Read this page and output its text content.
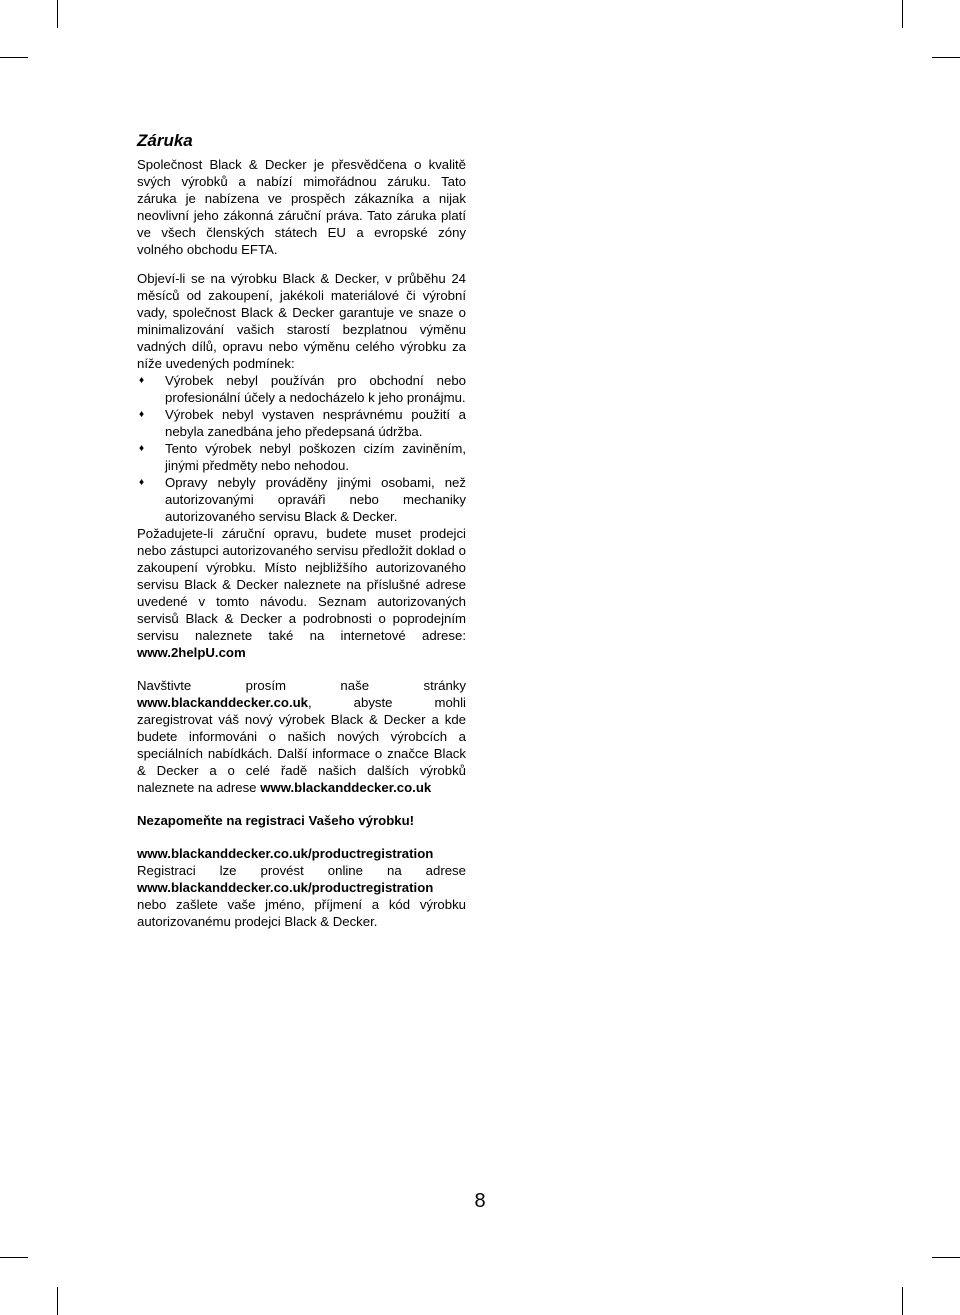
Záruka

Společnost Black & Decker je přesvědčena o kvalitě svých výrobků a nabízí mimořádnou záruku. Tato záruka je nabízena ve prospěch zákazníka a nijak neovlivní jeho zákonná záruční práva. Tato záruka platí ve všech členských státech EU a evropské zóny volného obchodu EFTA.

Objeví-li se na výrobku Black & Decker, v průběhu 24 měsíců od zakoupení, jakékoli materiálové či výrobní vady, společnost Black & Decker garantuje ve snaze o minimalizování vašich starostí bezplatnou výměnu vadných dílů, opravu nebo výměnu celého výrobku za níže uvedených podmínek:

♦ Výrobek nebyl používán pro obchodní nebo profesionální účely a nedocházelo k jeho pronájmu.
♦ Výrobek nebyl vystaven nesprávnému použití a nebyla zanedbána jeho předepsaná údržba.
♦ Tento výrobek nebyl poškozen cizím zaviněním, jinými předměty nebo nehodou.
♦ Opravy nebyly prováděny jinými osobami, než autorizovanými opraváři nebo mechaniky autorizovaného servisu Black & Decker.

Požadujete-li záruční opravu, budete muset prodejci nebo zástupci autorizovaného servisu předložit doklad o zakoupení výrobku. Místo nejbližšího autorizovaného servisu Black & Decker naleznete na příslušné adrese uvedené v tomto návodu. Seznam autorizovaných servisů Black & Decker a podrobnosti o poprodejním servisu naleznete také na internetové adrese: www.2helpU.com

Navštivte prosím naše stránky www.blackanddecker.co.uk, abyste mohli zaregistrovat váš nový výrobek Black & Decker a kde budete informováni o našich nových výrobcích a speciálních nabídkách. Další informace o značce Black & Decker a o celé řadě našich dalších výrobků naleznete na adrese www.blackanddecker.co.uk

Nezapomeňte na registraci Vašeho výrobku!

www.blackanddecker.co.uk/productregistration

Registraci lze provést online na adrese www.blackanddecker.co.uk/productregistration nebo zašlete vaše jméno, příjmení a kód výrobku autorizovanému prodejci Black & Decker.

8
